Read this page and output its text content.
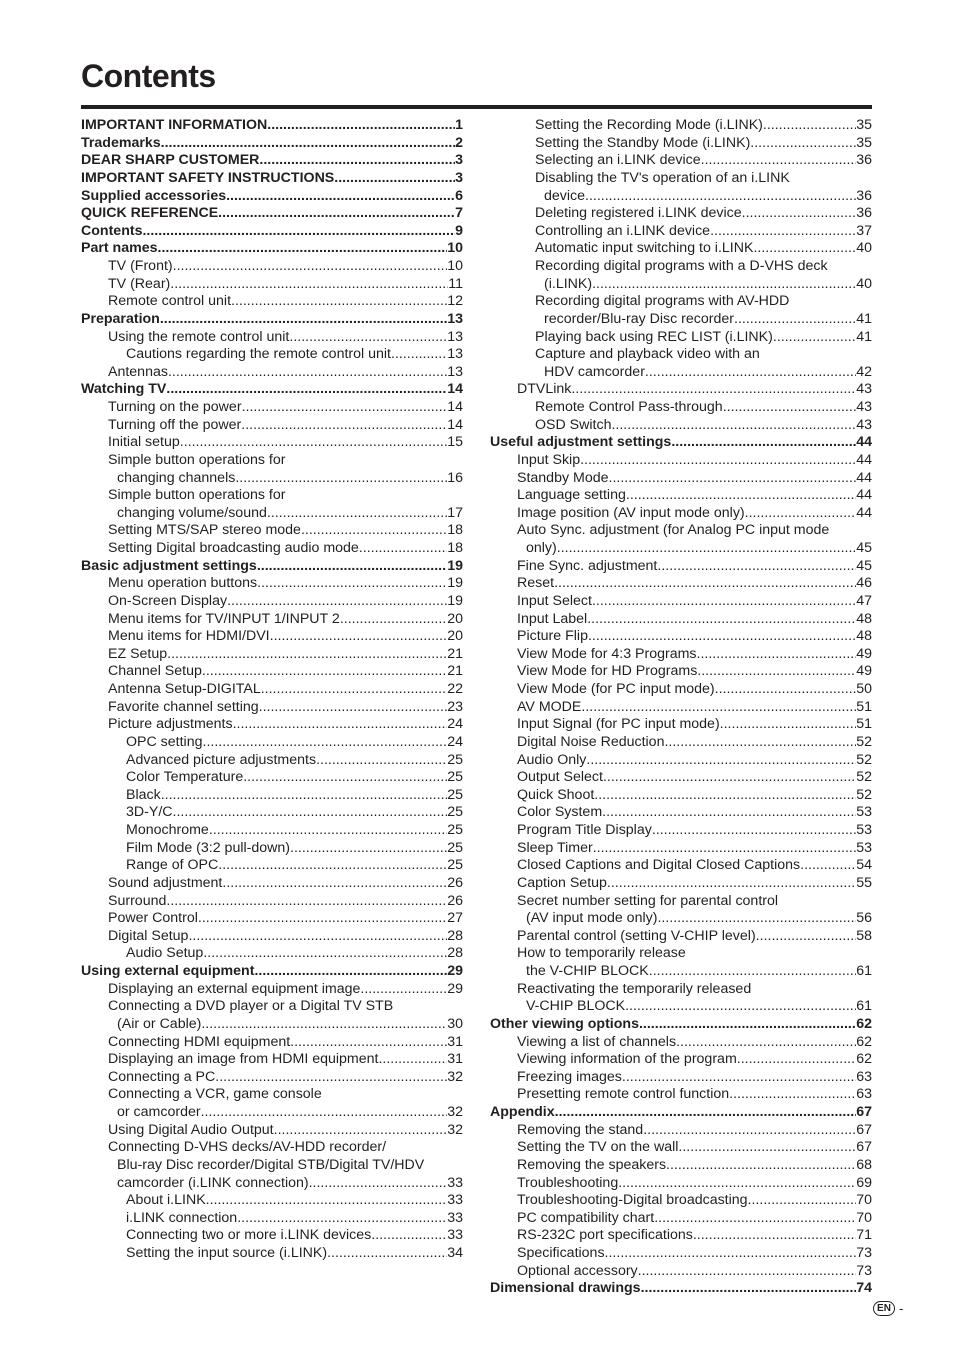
Contents
IMPORTANT INFORMATION .....	1
Trademarks .....	2
DEAR SHARP CUSTOMER .....	3
IMPORTANT SAFETY INSTRUCTIONS .....	3
Supplied accessories .....	6
QUICK REFERENCE .....	7
Contents .....	9
Part names .....	10
TV (Front) .....	10
TV (Rear) .....	11
Remote control unit .....	12
Preparation .....	13
Using the remote control unit .....	13
Cautions regarding the remote control unit .....	13
Antennas .....	13
Watching TV .....	14
Turning on the power .....	14
Turning off the power .....	14
Initial setup .....	15
Simple button operations for
changing channels .....	16
Simple button operations for
changing volume/sound .....	17
Setting MTS/SAP stereo mode .....	18
Setting Digital broadcasting audio mode .....	18
Basic adjustment settings .....	19
Menu operation buttons .....	19
On-Screen Display .....	19
Menu items for TV/INPUT 1/INPUT 2 .....	20
Menu items for HDMI/DVI .....	20
EZ Setup .....	21
Channel Setup .....	21
Antenna Setup-DIGITAL .....	22
Favorite channel setting .....	23
Picture adjustments .....	24
OPC setting .....	24
Advanced picture adjustments .....	25
Color Temperature .....	25
Black .....	25
3D-Y/C .....	25
Monochrome .....	25
Film Mode (3:2 pull-down) .....	25
Range of OPC .....	25
Sound adjustment .....	26
Surround .....	26
Power Control .....	27
Digital Setup .....	28
Audio Setup .....	28
Using external equipment .....	29
Displaying an external equipment image .....	29
Connecting a DVD player or a Digital TV STB
(Air or Cable) .....	30
Connecting HDMI equipment .....	31
Displaying an image from HDMI equipment .....	31
Connecting a PC .....	32
Connecting a VCR, game console
or camcorder .....	32
Using Digital Audio Output .....	32
Connecting D-VHS decks/AV-HDD recorder/
Blu-ray Disc recorder/Digital STB/Digital TV/HDV
camcorder (i.LINK connection) .....	33
About i.LINK .....	33
i.LINK connection .....	33
Connecting two or more i.LINK devices .....	33
Setting the input source (i.LINK) .....	34
Setting the Recording Mode (i.LINK) .....	35
Setting the Standby Mode (i.LINK) .....	35
Selecting an i.LINK device .....	36
Disabling the TV's operation of an i.LINK
device .....	36
Deleting registered i.LINK device .....	36
Controlling an i.LINK device .....	37
Automatic input switching to i.LINK .....	40
Recording digital programs with a D-VHS deck
(i.LINK) .....	40
Recording digital programs with AV-HDD
recorder/Blu-ray Disc recorder .....	41
Playing back using REC LIST (i.LINK) .....	41
Capture and playback video with an
HDV camcorder .....	42
DTVLink .....	43
Remote Control Pass-through .....	43
OSD Switch .....	43
Useful adjustment settings .....	44
Input Skip .....	44
Standby Mode .....	44
Language setting .....	44
Image position (AV input mode only) .....	44
Auto Sync. adjustment (for Analog PC input mode
only) .....	45
Fine Sync. adjustment .....	45
Reset .....	46
Input Select .....	47
Input Label .....	48
Picture Flip .....	48
View Mode for 4:3 Programs .....	49
View Mode for HD Programs .....	49
View Mode (for PC input mode) .....	50
AV MODE .....	51
Input Signal (for PC input mode) .....	51
Digital Noise Reduction .....	52
Audio Only .....	52
Output Select .....	52
Quick Shoot .....	52
Color System .....	53
Program Title Display .....	53
Sleep Timer .....	53
Closed Captions and Digital Closed Captions .....	54
Caption Setup .....	55
Secret number setting for parental control
(AV input mode only) .....	56
Parental control (setting V-CHIP level) .....	58
How to temporarily release
the V-CHIP BLOCK .....	61
Reactivating the temporarily released
V-CHIP BLOCK .....	61
Other viewing options .....	62
Viewing a list of channels .....	62
Viewing information of the program .....	62
Freezing images .....	63
Presetting remote control function .....	63
Appendix .....	67
Removing the stand .....	67
Setting the TV on the wall .....	67
Removing the speakers .....	68
Troubleshooting .....	69
Troubleshooting-Digital broadcasting .....	70
PC compatibility chart .....	70
RS-232C port specifications .....	71
Specifications .....	73
Optional accessory .....	73
Dimensional drawings .....	74
EN -
